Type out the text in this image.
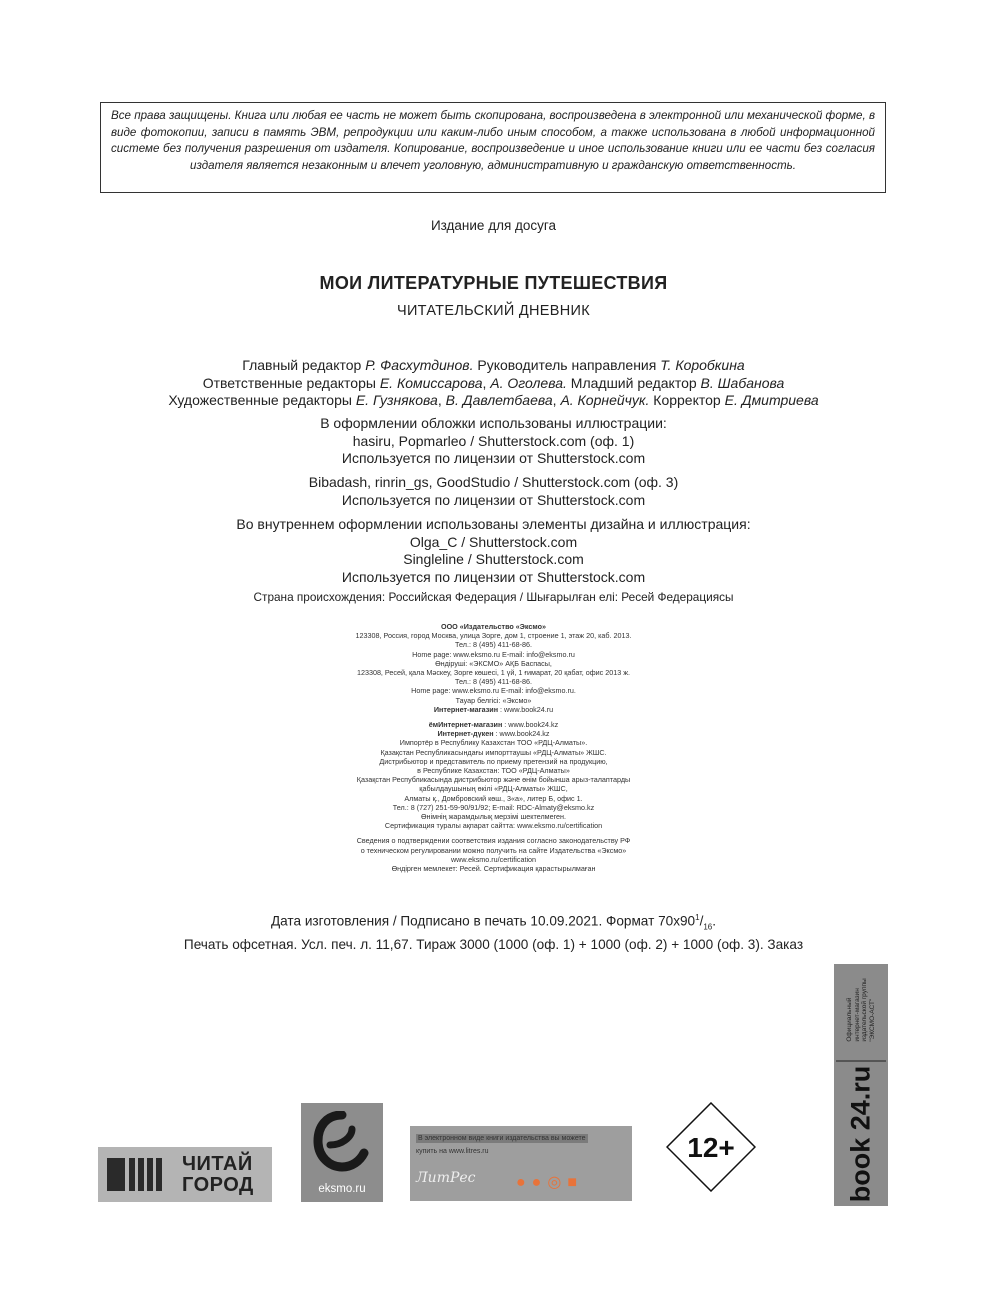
Все права защищены. Книга или любая ее часть не может быть скопирована, воспроизведена в электронной или механической форме, в виде фотокопии, записи в память ЭВМ, репродукции или каким-либо иным способом, а также использована в любой информационной системе без получения разрешения от издателя. Копирование, воспроизведение и иное использование книги или ее части без согласия издателя является незаконным и влечет уголовную, административную и гражданскую ответственность.
Издание для досуга
МОИ ЛИТЕРАТУРНЫЕ ПУТЕШЕСТВИЯ
ЧИТАТЕЛЬСКИЙ ДНЕВНИК
Главный редактор Р. Фасхутдинов. Руководитель направления Т. Коробкина
Ответственные редакторы Е. Комиссарова, А. Оголева. Младший редактор В. Шабанова
Художественные редакторы Е. Гузнякова, В. Давлетбаева, А. Корнейчук. Корректор Е. Дмитриева
В оформлении обложки использованы иллюстрации:
hasiru, Popmarleo / Shutterstock.com (оф. 1)
Используется по лицензии от Shutterstock.com
Bibadash, rinrin_gs, GoodStudio / Shutterstock.com (оф. 3)
Используется по лицензии от Shutterstock.com
Во внутреннем оформлении использованы элементы дизайна и иллюстрация:
Olga_C / Shutterstock.com
Singleline / Shutterstock.com
Используется по лицензии от Shutterstock.com
Страна происхождения: Российская Федерация / Шығарылған елі: Ресей Федерациясы
ООО «Издательство «Эксмо»
123308, Россия, город Москва, улица Зорге, дом 1, строение 1, этаж 20, каб. 2013.
Тел.: 8 (495) 411-68-86.
Home page: www.eksmo.ru E-mail: info@eksmo.ru
Өндіруші: «ЭКСМО» АҚБ Баспасы,
123308, Ресей, қала Мәскеу, Зорге көшесі, 1 үй, 1 ғимарат, 20 қабат, офис 2013 ж.
Тел.: 8 (495) 411-68-86.
Home page: www.eksmo.ru E-mail: info@eksmo.ru.
Тауар белгісі: «Эксмо»
Интернет-магазин : www.book24.ru
ёмИнтернет-магазин : www.book24.kz
Интернет-дүкен : www.book24.kz
Импортёр в Республику Казахстан ТОО «РДЦ-Алматы».
Қазақстан Республикасындағы импорттаушы «РДЦ-Алматы» ЖШС.
Дистрибьютор и представитель по приему претензий на продукцию,
в Республике Казахстан: ТОО «РДЦ-Алматы»
Қазақстан Республикасында дистрибьютор және өнім бойынша арыз-талаптарды
қабылдаушының өкілі «РДЦ-Алматы» ЖШС,
Алматы қ., Домбровский көш., 3«а», литер Б, офис 1.
Тел.: 8 (727) 251-59-90/91/92; E-mail: RDC-Almaty@eksmo.kz
Өнімнің жарамдылық мерзімі шектелмеген.
Сертификация туралы ақпарат сайтта: www.eksmo.ru/certification
Сведения о подтверждении соответствия издания согласно законодательству РФ
о техническом регулировании можно получить на сайте Издательства «Эксмо»
www.eksmo.ru/certification
Өндірген мемлекет: Ресей. Сертификация қарастырылмаған
Дата изготовления / Подписано в печать 10.09.2021. Формат $70x90^1/_{16}$.
Печать офсетная. Усл. печ. л. 11,67. Тираж 3000 (1000 (оф. 1) + 1000 (оф. 2) + 1000 (оф. 3). Заказ
ЧИТАЙ
ГОРОД	eksmo.ru
В электронном виде книги издательства вы можете
купить на www.litres.ru
ЛитРес	●●◎■
12+
Официальный интернет-магазин издательской группы "ЭКСМО-АСТ"
book 24.ru
